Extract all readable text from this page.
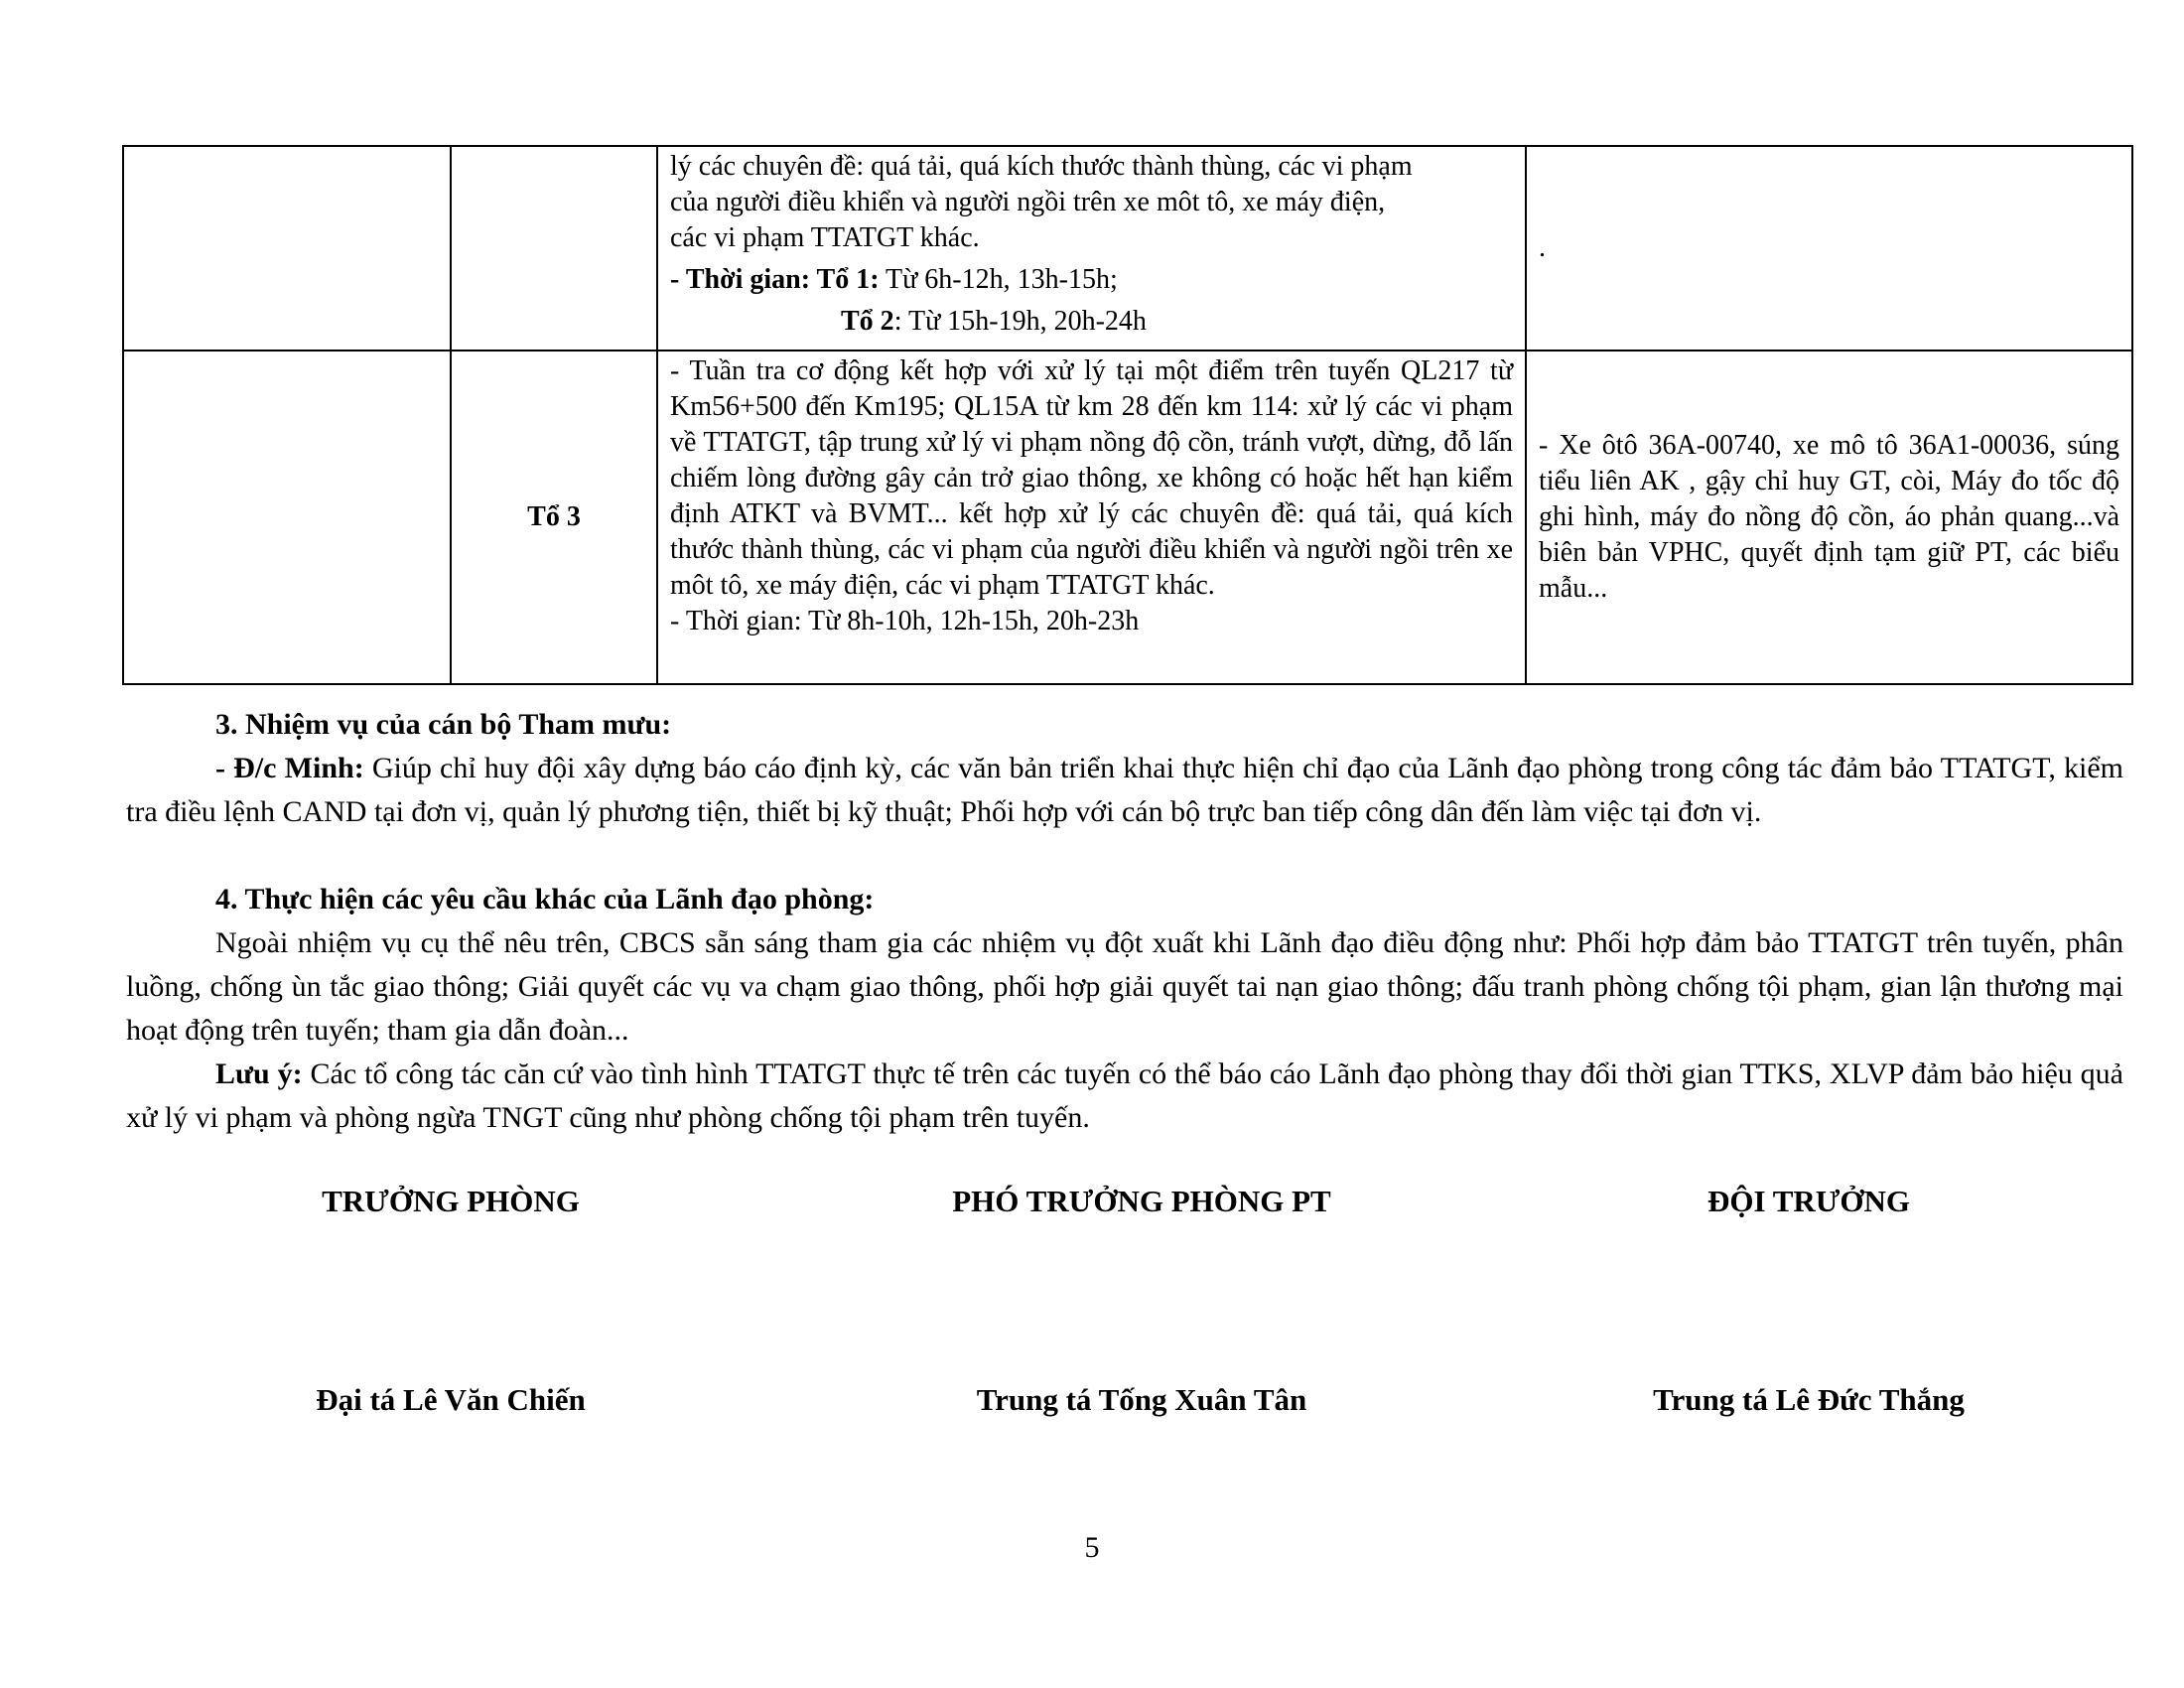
		lý các chuyên đề: quá tải, quá kích thước thành thùng, các vi phạm
của người điều khiển và người ngồi trên xe môt tô, xe máy điện,
các vi phạm TTATGT khác.
- Thời gian: Tổ 1: Từ 6h-12h, 13h-15h;
Tổ 2: Từ 15h-19h, 20h-24h	.
	Tổ 3	- Tuần tra cơ động kết hợp với xử lý tại một điểm trên tuyến QL217 từ Km56+500 đến Km195; QL15A từ km 28 đến km 114: xử lý các vi phạm về TTATGT, tập trung xử lý vi phạm nồng độ cồn, tránh vượt, dừng, đỗ lấn chiếm lòng đường gây cản trở giao thông, xe không có hoặc hết hạn kiểm định ATKT và BVMT... kết hợp xử lý các chuyên đề: quá tải, quá kích thước thành thùng, các vi phạm của người điều khiển và người ngồi trên xe môt tô, xe máy điện, các vi phạm TTATGT khác.
- Thời gian: Từ 8h-10h, 12h-15h, 20h-23h	- Xe ôtô 36A-00740, xe mô tô 36A1-00036, súng tiểu liên AK , gậy chỉ huy GT, còi, Máy đo tốc độ ghi hình, máy đo nồng độ cồn, áo phản quang...và biên bản VPHC, quyết định tạm giữ PT, các biểu mẫu...
3. Nhiệm vụ của cán bộ Tham mưu:
- Đ/c Minh: Giúp chỉ huy đội xây dựng báo cáo định kỳ, các văn bản triển khai thực hiện chỉ đạo của Lãnh đạo phòng trong công tác đảm bảo TTATGT, kiểm tra điều lệnh CAND tại đơn vị, quản lý phương tiện, thiết bị kỹ thuật; Phối hợp với cán bộ trực ban tiếp công dân đến làm việc tại đơn vị.
4. Thực hiện các yêu cầu khác của Lãnh đạo phòng:
Ngoài nhiệm vụ cụ thể nêu trên, CBCS sẵn sáng tham gia các nhiệm vụ đột xuất khi Lãnh đạo điều động như: Phối hợp đảm bảo TTATGT trên tuyến, phân luồng, chống ùn tắc giao thông; Giải quyết các vụ va chạm giao thông, phối hợp giải quyết tai nạn giao thông; đấu tranh phòng chống tội phạm, gian lận thương mại hoạt động trên tuyến; tham gia dẫn đoàn...
Lưu ý: Các tổ công tác căn cứ vào tình hình TTATGT thực tế trên các tuyến có thể báo cáo Lãnh đạo phòng thay đổi thời gian TTKS, XLVP đảm bảo hiệu quả xử lý vi phạm và phòng ngừa TNGT cũng như phòng chống tội phạm trên tuyến.
TRƯỞNG PHÒNG	PHÓ TRƯỞNG PHÒNG PT	ĐỘI TRƯỞNG
Đại tá Lê Văn Chiến	Trung tá Tống Xuân Tân	Trung tá Lê Đức Thắng
5
